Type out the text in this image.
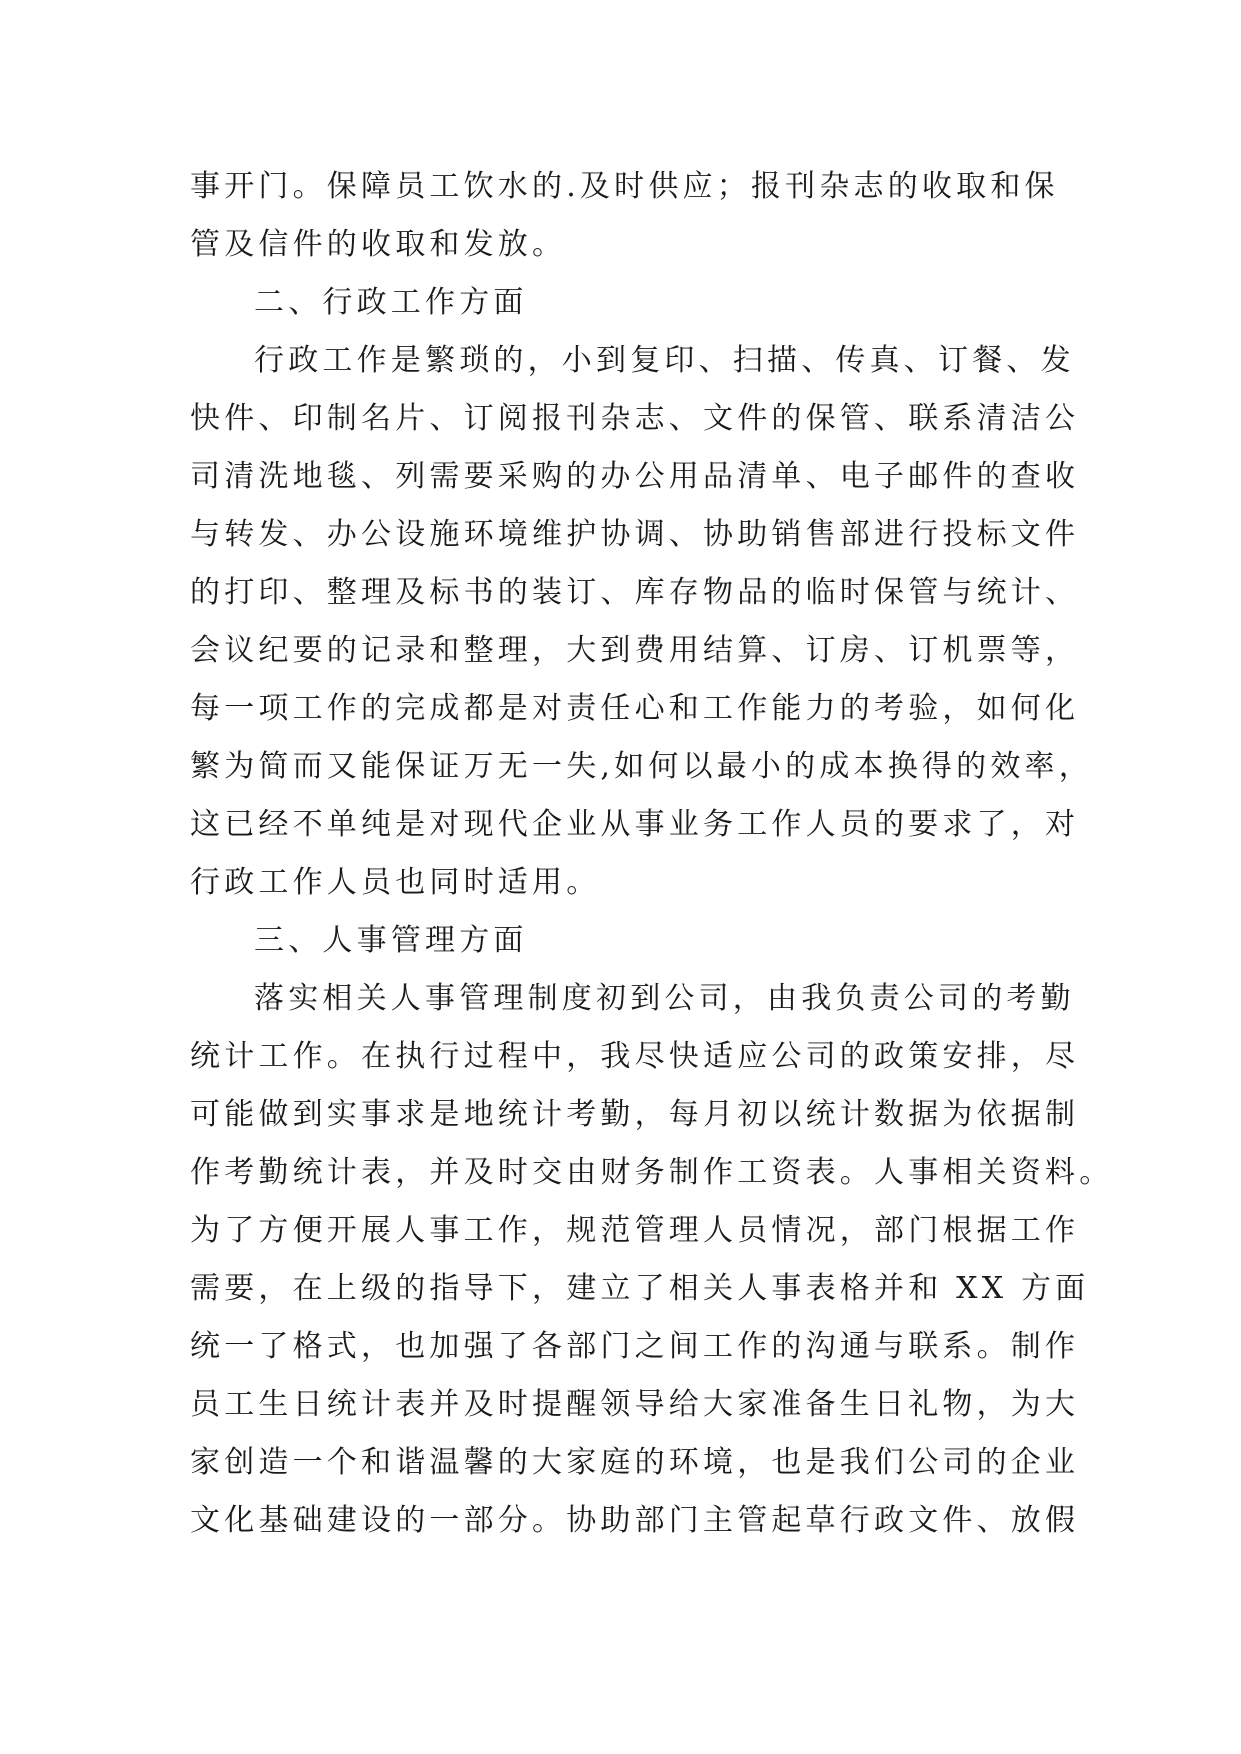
事开门。保障员工饮水的.及时供应；报刊杂志的收取和保
管及信件的收取和发放。
二、行政工作方面
行政工作是繁琐的，小到复印、扫描、传真、订餐、发
快件、印制名片、订阅报刊杂志、文件的保管、联系清洁公
司清洗地毯、列需要采购的办公用品清单、电子邮件的查收
与转发、办公设施环境维护协调、协助销售部进行投标文件
的打印、整理及标书的装订、库存物品的临时保管与统计、
会议纪要的记录和整理，大到费用结算、订房、订机票等，
每一项工作的完成都是对责任心和工作能力的考验，如何化
繁为简而又能保证万无一失,如何以最小的成本换得的效率，
这已经不单纯是对现代企业从事业务工作人员的要求了，对
行政工作人员也同时适用。
三、人事管理方面
落实相关人事管理制度初到公司，由我负责公司的考勤
统计工作。在执行过程中，我尽快适应公司的政策安排，尽
可能做到实事求是地统计考勤，每月初以统计数据为依据制
作考勤统计表，并及时交由财务制作工资表。人事相关资料。
为了方便开展人事工作，规范管理人员情况，部门根据工作
需要，在上级的指导下，建立了相关人事表格并和 XX 方面
统一了格式，也加强了各部门之间工作的沟通与联系。制作
员工生日统计表并及时提醒领导给大家准备生日礼物，为大
家创造一个和谐温馨的大家庭的环境，也是我们公司的企业
文化基础建设的一部分。协助部门主管起草行政文件、放假
